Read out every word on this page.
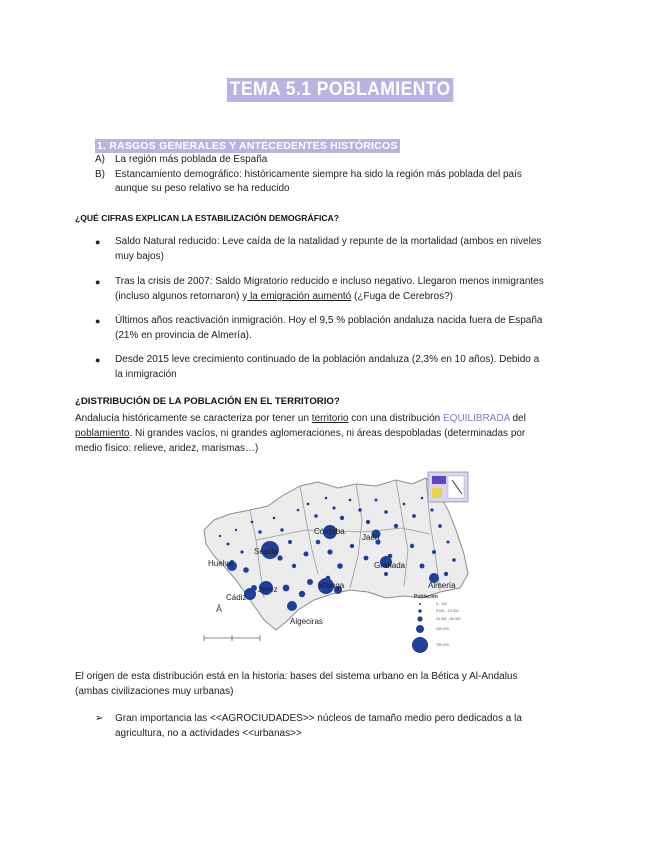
TEMA 5.1 POBLAMIENTO
1. RASGOS GENERALES Y ANTECEDENTES HISTÓRICOS
A) La región más poblada de España
B) Estancamiento demográfico: históricamente siempre ha sido la región más poblada del país
aunque su peso relativo se ha reducido
¿QUÉ CIFRAS EXPLICAN LA ESTABILIZACIÓN DEMOGRÁFICA?
● Saldo Natural reducido: Leve caída de la natalidad y repunte de la mortalidad (ambos en niveles
muy bajos)
● Tras la crisis de 2007: Saldo Migratorio reducido e incluso negativo. Llegaron menos inmigrantes
(incluso algunos retornaron) y la emigración aumentó (¿Fuga de Cerebros?)
● Últimos años reactivación inmigración. Hoy el 9,5 % población andaluza nacida fuera de España
(21% en provincia de Almería).
● Desde 2015 leve crecimiento continuado de la población andaluza (2,3% en 10 años). Debido a
la inmigración
¿DISTRIBUCIÓN DE LA POBLACIÓN EN EL TERRITORIO?
Andalucía históricamente se caracteriza por tener un territorio con una distribución EQUILIBRADA del
poblamiento. Ni grandes vacíos, ni grandes aglomeraciones, ni áreas despobladas (determinadas por
medio físico: relieve, aridez, marismas…)
Córdoba
Jaén
Sevilla
Huelva	Granada
Málaga	Almería
Cádiz
Jerez
Algeciras
Ā
Población
0 - 100
5 001 - 10 000
20 001 - 50 000
100 000
700 000
El origen de esta distribución está en la historia: bases del sistema urbano en la Bética y Al-Andalus
(ambas civilizaciones muy urbanas)
➢ Gran importancia las <<AGROCIUDADES>> núcleos de tamaño medio pero dedicados a la
agricultura, no a actividades <<urbanas>>
